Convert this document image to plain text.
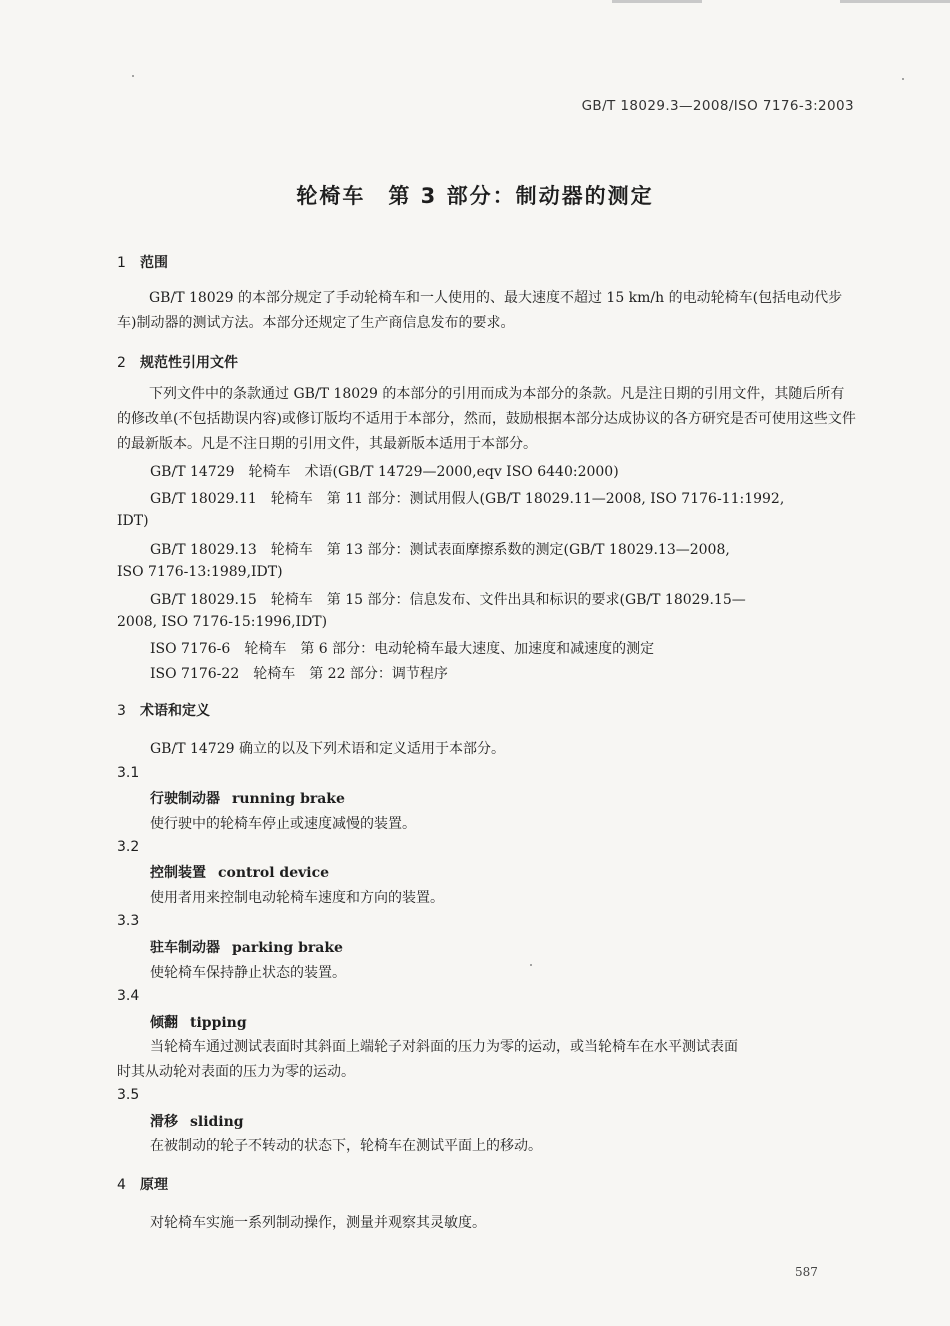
GB/T 18029.3—2008/ISO 7176-3:2003
轮椅车　第 3 部分：制动器的测定
1 范围
GB/T 18029 的本部分规定了手动轮椅车和一人使用的、最大速度不超过 15 km/h 的电动轮椅车(包括电动代步车)制动器的测试方法。本部分还规定了生产商信息发布的要求。
2 规范性引用文件
下列文件中的条款通过 GB/T 18029 的本部分的引用而成为本部分的条款。凡是注日期的引用文件，其随后所有的修改单(不包括勘误内容)或修订版均不适用于本部分，然而，鼓励根据本部分达成协议的各方研究是否可使用这些文件的最新版本。凡是不注日期的引用文件，其最新版本适用于本部分。
GB/T 14729　轮椅车　术语(GB/T 14729—2000,eqv ISO 6440:2000)
GB/T 18029.11　轮椅车　第 11 部分：测试用假人(GB/T 18029.11—2008, ISO 7176-11:1992,
IDT)
GB/T 18029.13　轮椅车　第 13 部分：测试表面摩擦系数的测定(GB/T 18029.13—2008,
ISO 7176-13:1989,IDT)
GB/T 18029.15　轮椅车　第 15 部分：信息发布、文件出具和标识的要求(GB/T 18029.15—
2008, ISO 7176-15:1996,IDT)
ISO 7176-6　轮椅车　第 6 部分：电动轮椅车最大速度、加速度和减速度的测定
ISO 7176-22　轮椅车　第 22 部分：调节程序
3 术语和定义
GB/T 14729 确立的以及下列术语和定义适用于本部分。
3.1
行驶制动器 running brake
使行驶中的轮椅车停止或速度减慢的装置。
3.2
控制装置 control device
使用者用来控制电动轮椅车速度和方向的装置。
3.3
驻车制动器 parking brake
使轮椅车保持静止状态的装置。
3.4
倾翻 tipping
当轮椅车通过测试表面时其斜面上端轮子对斜面的压力为零的运动，或当轮椅车在水平测试表面
时其从动轮对表面的压力为零的运动。
3.5
滑移 sliding
在被制动的轮子不转动的状态下，轮椅车在测试平面上的移动。
4 原理
对轮椅车实施一系列制动操作，测量并观察其灵敏度。
587
